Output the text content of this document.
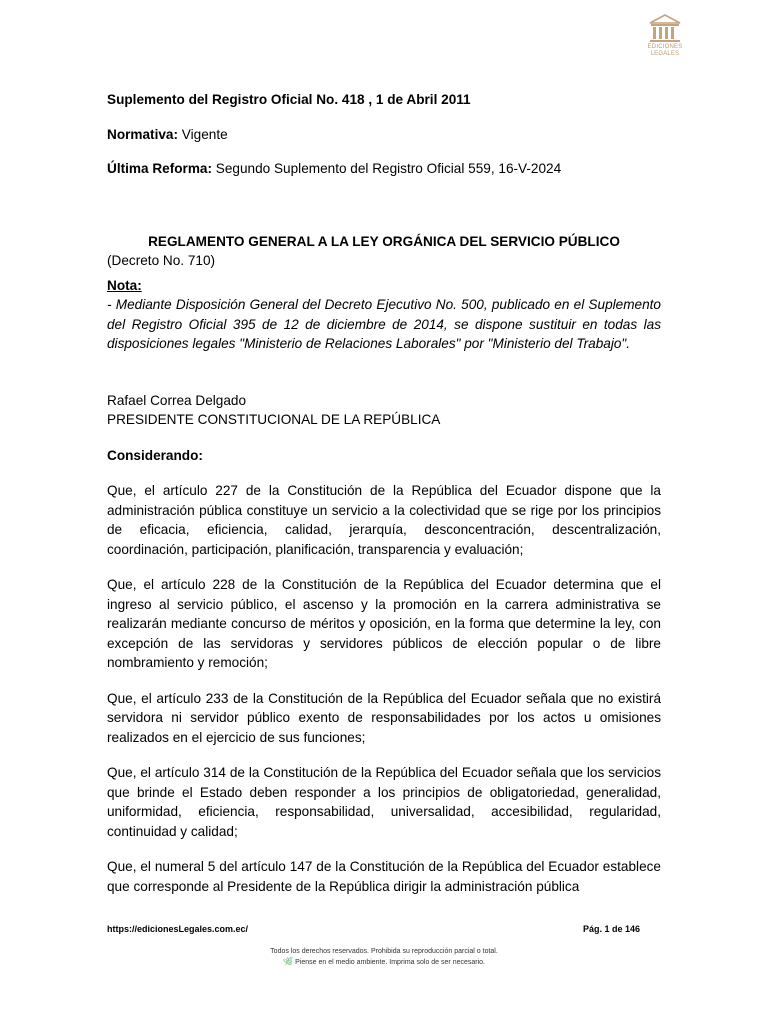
EDICIONES
LEGALES

Suplemento del Registro Oficial No. 418 , 1 de Abril 2011

Normativa: Vigente

Última Reforma: Segundo Suplemento del Registro Oficial 559, 16-V-2024

REGLAMENTO GENERAL A LA LEY ORGÁNICA DEL SERVICIO PÚBLICO

(Decreto No. 710)

Nota:

- Mediante Disposición General del Decreto Ejecutivo No. 500, publicado en el Suplemento del Registro Oficial 395 de 12 de diciembre de 2014, se dispone sustituir en todas las disposiciones legales "Ministerio de Relaciones Laborales" por "Ministerio del Trabajo".

Rafael Correa Delgado

PRESIDENTE CONSTITUCIONAL DE LA REPÚBLICA

Considerando:

Que, el artículo 227 de la Constitución de la República del Ecuador dispone que la administración pública constituye un servicio a la colectividad que se rige por los principios de eficacia, eficiencia, calidad, jerarquía, desconcentración, descentralización, coordinación, participación, planificación, transparencia y evaluación;

Que, el artículo 228 de la Constitución de la República del Ecuador determina que el ingreso al servicio público, el ascenso y la promoción en la carrera administrativa se realizarán mediante concurso de méritos y oposición, en la forma que determine la ley, con excepción de las servidoras y servidores públicos de elección popular o de libre nombramiento y remoción;

Que, el artículo 233 de la Constitución de la República del Ecuador señala que no existirá servidora ni servidor público exento de responsabilidades por los actos u omisiones realizados en el ejercicio de sus funciones;

Que, el artículo 314 de la Constitución de la República del Ecuador señala que los servicios que brinde el Estado deben responder a los principios de obligatoriedad, generalidad, uniformidad, eficiencia, responsabilidad, universalidad, accesibilidad, regularidad, continuidad y calidad;

Que, el numeral 5 del artículo 147 de la Constitución de la República del Ecuador establece que corresponde al Presidente de la República dirigir la administración pública

https://edicionesLegales.com.ec/	Pág. 1 de 146
Todos los derechos reservados. Prohibida su reproducción parcial o total.
🌿︎ Piense en el medio ambiente. Imprima solo de ser necesario.
